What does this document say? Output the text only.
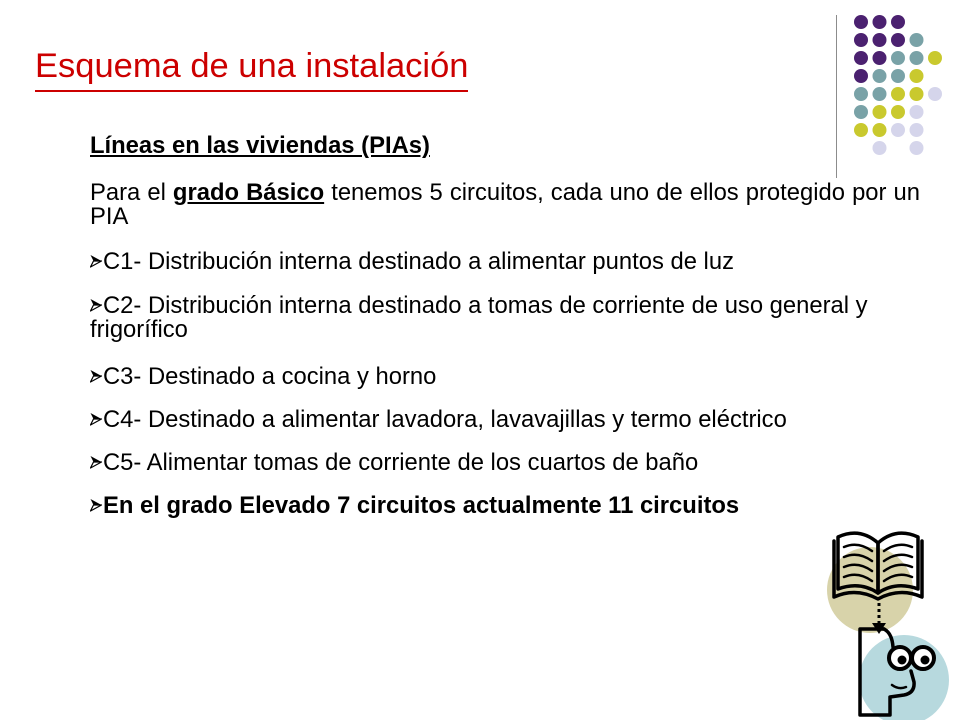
Esquema de una instalación

Líneas en las viviendas (PIAs)

Para el grado Básico tenemos 5 circuitos, cada uno de ellos protegido por un PIA

C1- Distribución interna destinado a alimentar puntos de luz

C2- Distribución interna destinado a tomas de corriente de uso general y frigorífico

C3- Destinado a cocina y horno

C4- Destinado a alimentar lavadora, lavavajillas y termo eléctrico

C5- Alimentar tomas de corriente de los cuartos de baño

En el grado Elevado 7 circuitos actualmente 11 circuitos
